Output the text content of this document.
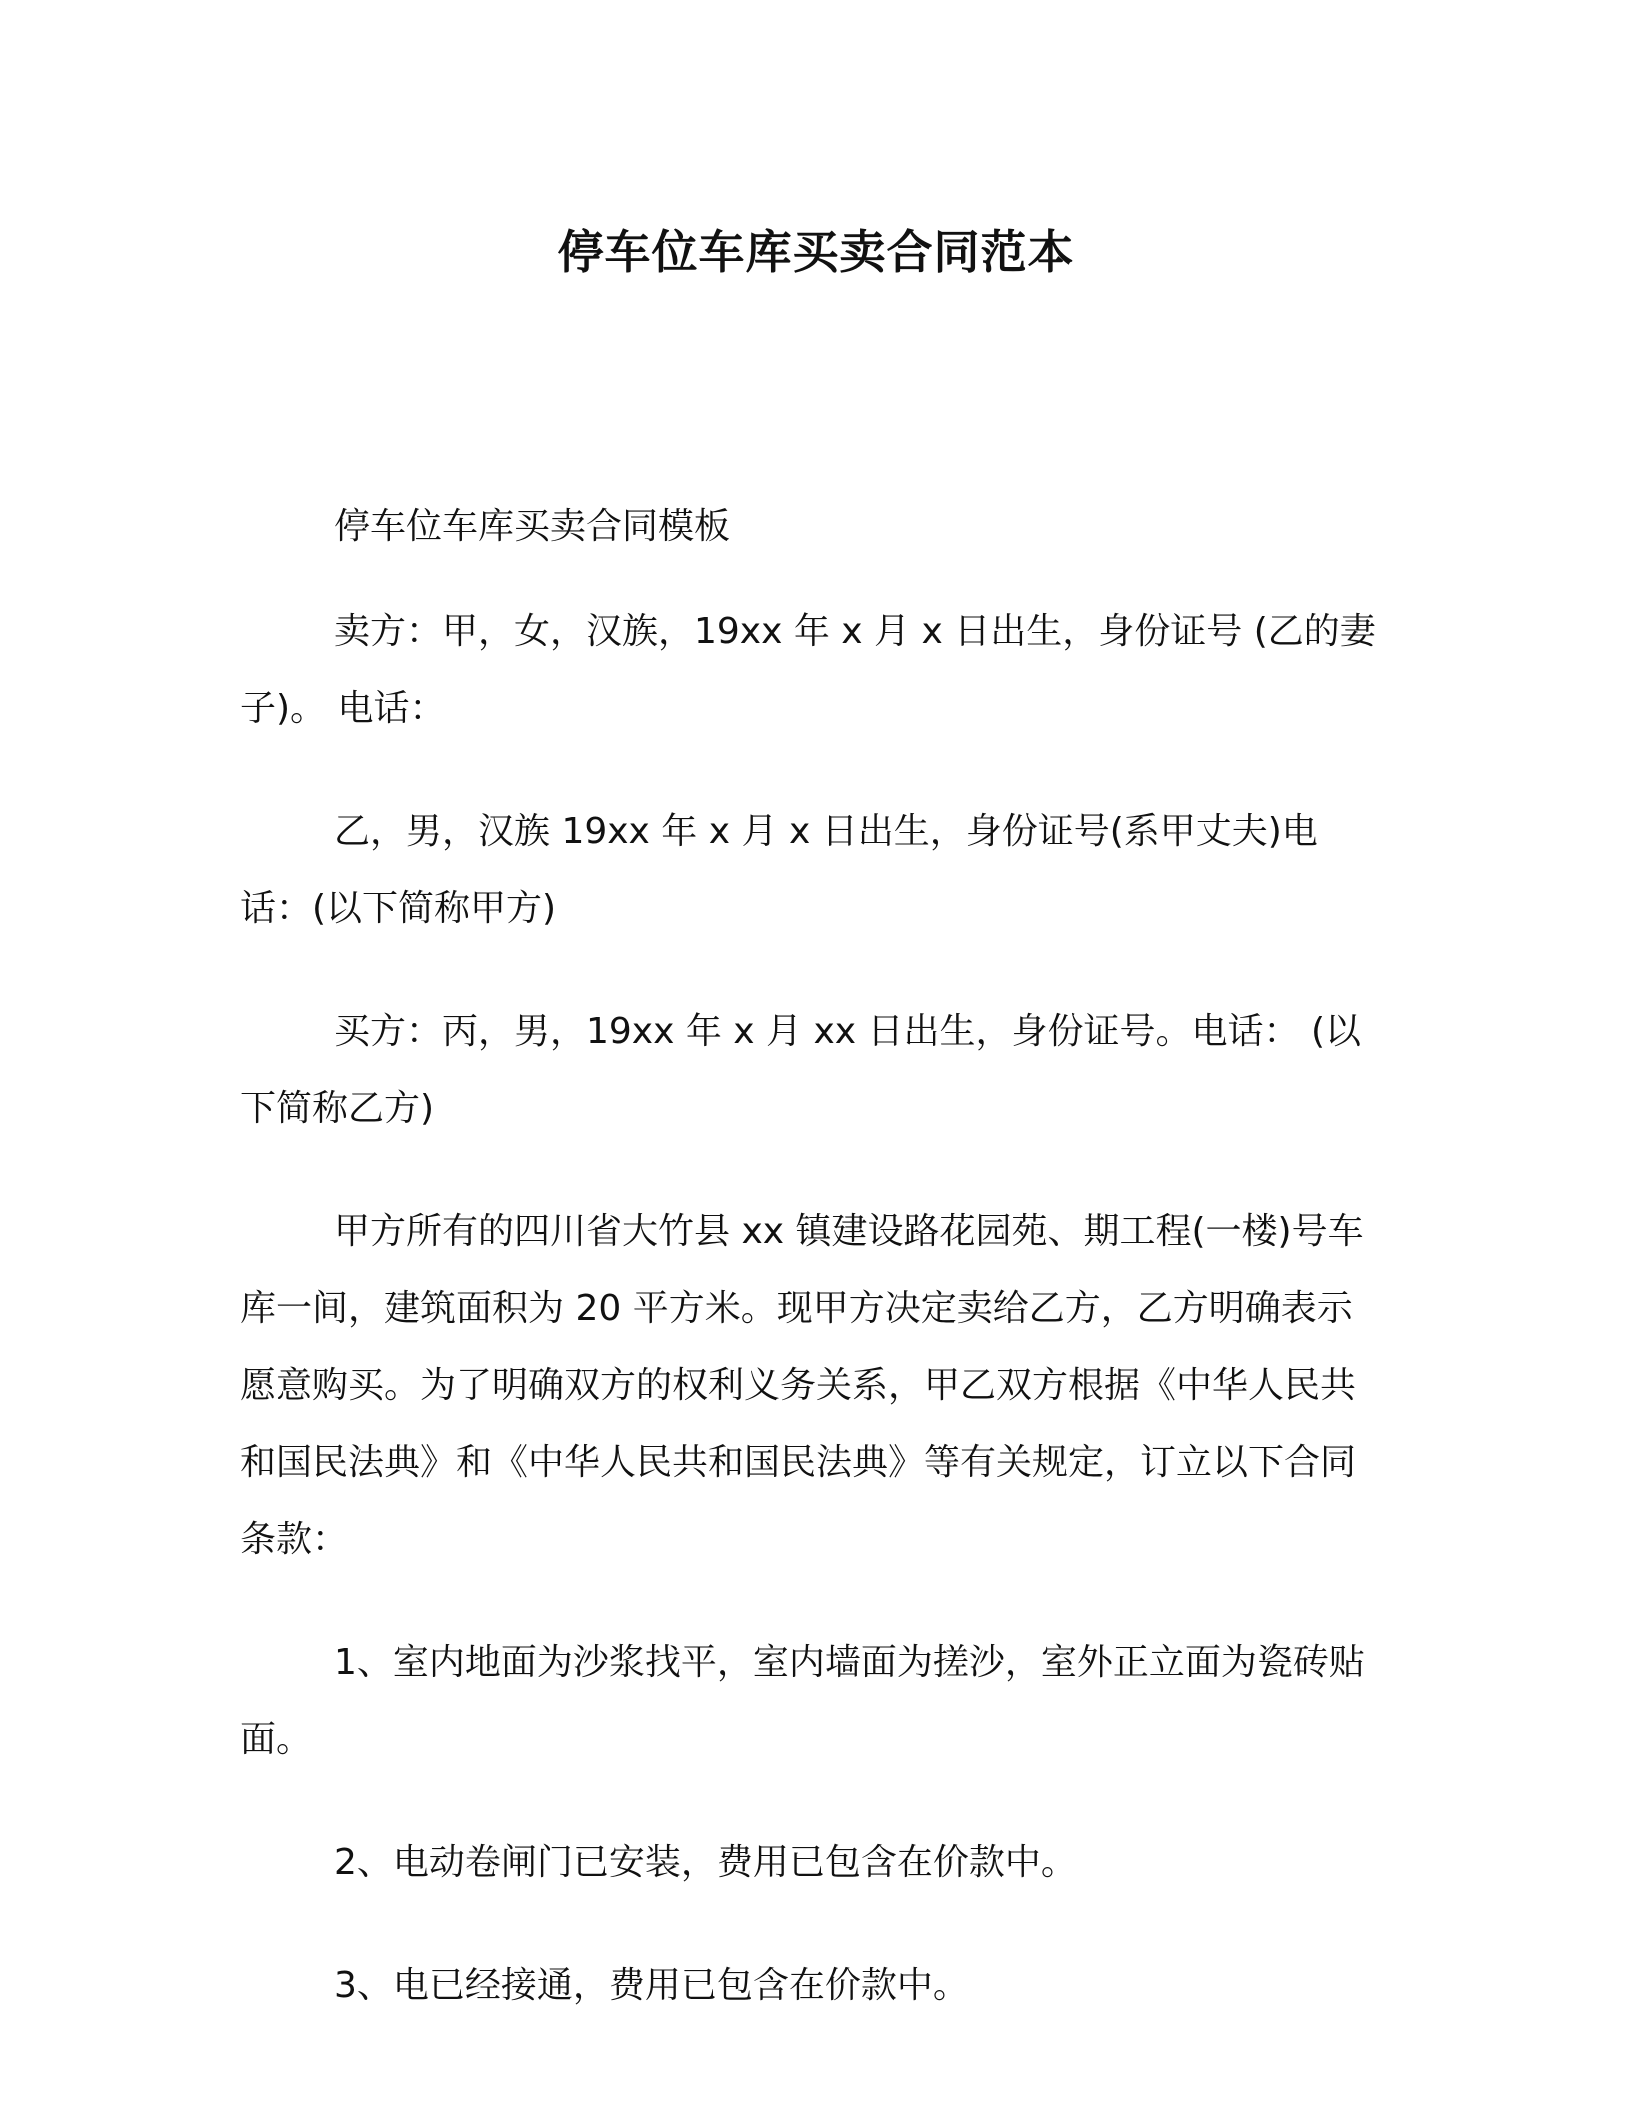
停车位车库买卖合同范本

停车位车库买卖合同模板

卖方：甲，女，汉族，19xx 年 x 月 x 日出生，身份证号 (乙的妻子)。 电话：

乙，男，汉族 19xx 年 x 月 x 日出生，身份证号(系甲丈夫)电话：(以下简称甲方)

买方：丙，男，19xx 年 x 月 xx 日出生，身份证号。电话： (以下简称乙方)

甲方所有的四川省大竹县 xx 镇建设路花园苑、期工程(一楼)号车库一间，建筑面积为 20 平方米。现甲方决定卖给乙方，乙方明确表示愿意购买。为了明确双方的权利义务关系，甲乙双方根据《中华人民共和国民法典》和《中华人民共和国民法典》等有关规定，订立以下合同条款：

1、室内地面为沙浆找平，室内墙面为搓沙，室外正立面为瓷砖贴面。

2、电动卷闸门已安装，费用已包含在价款中。

3、电已经接通，费用已包含在价款中。
